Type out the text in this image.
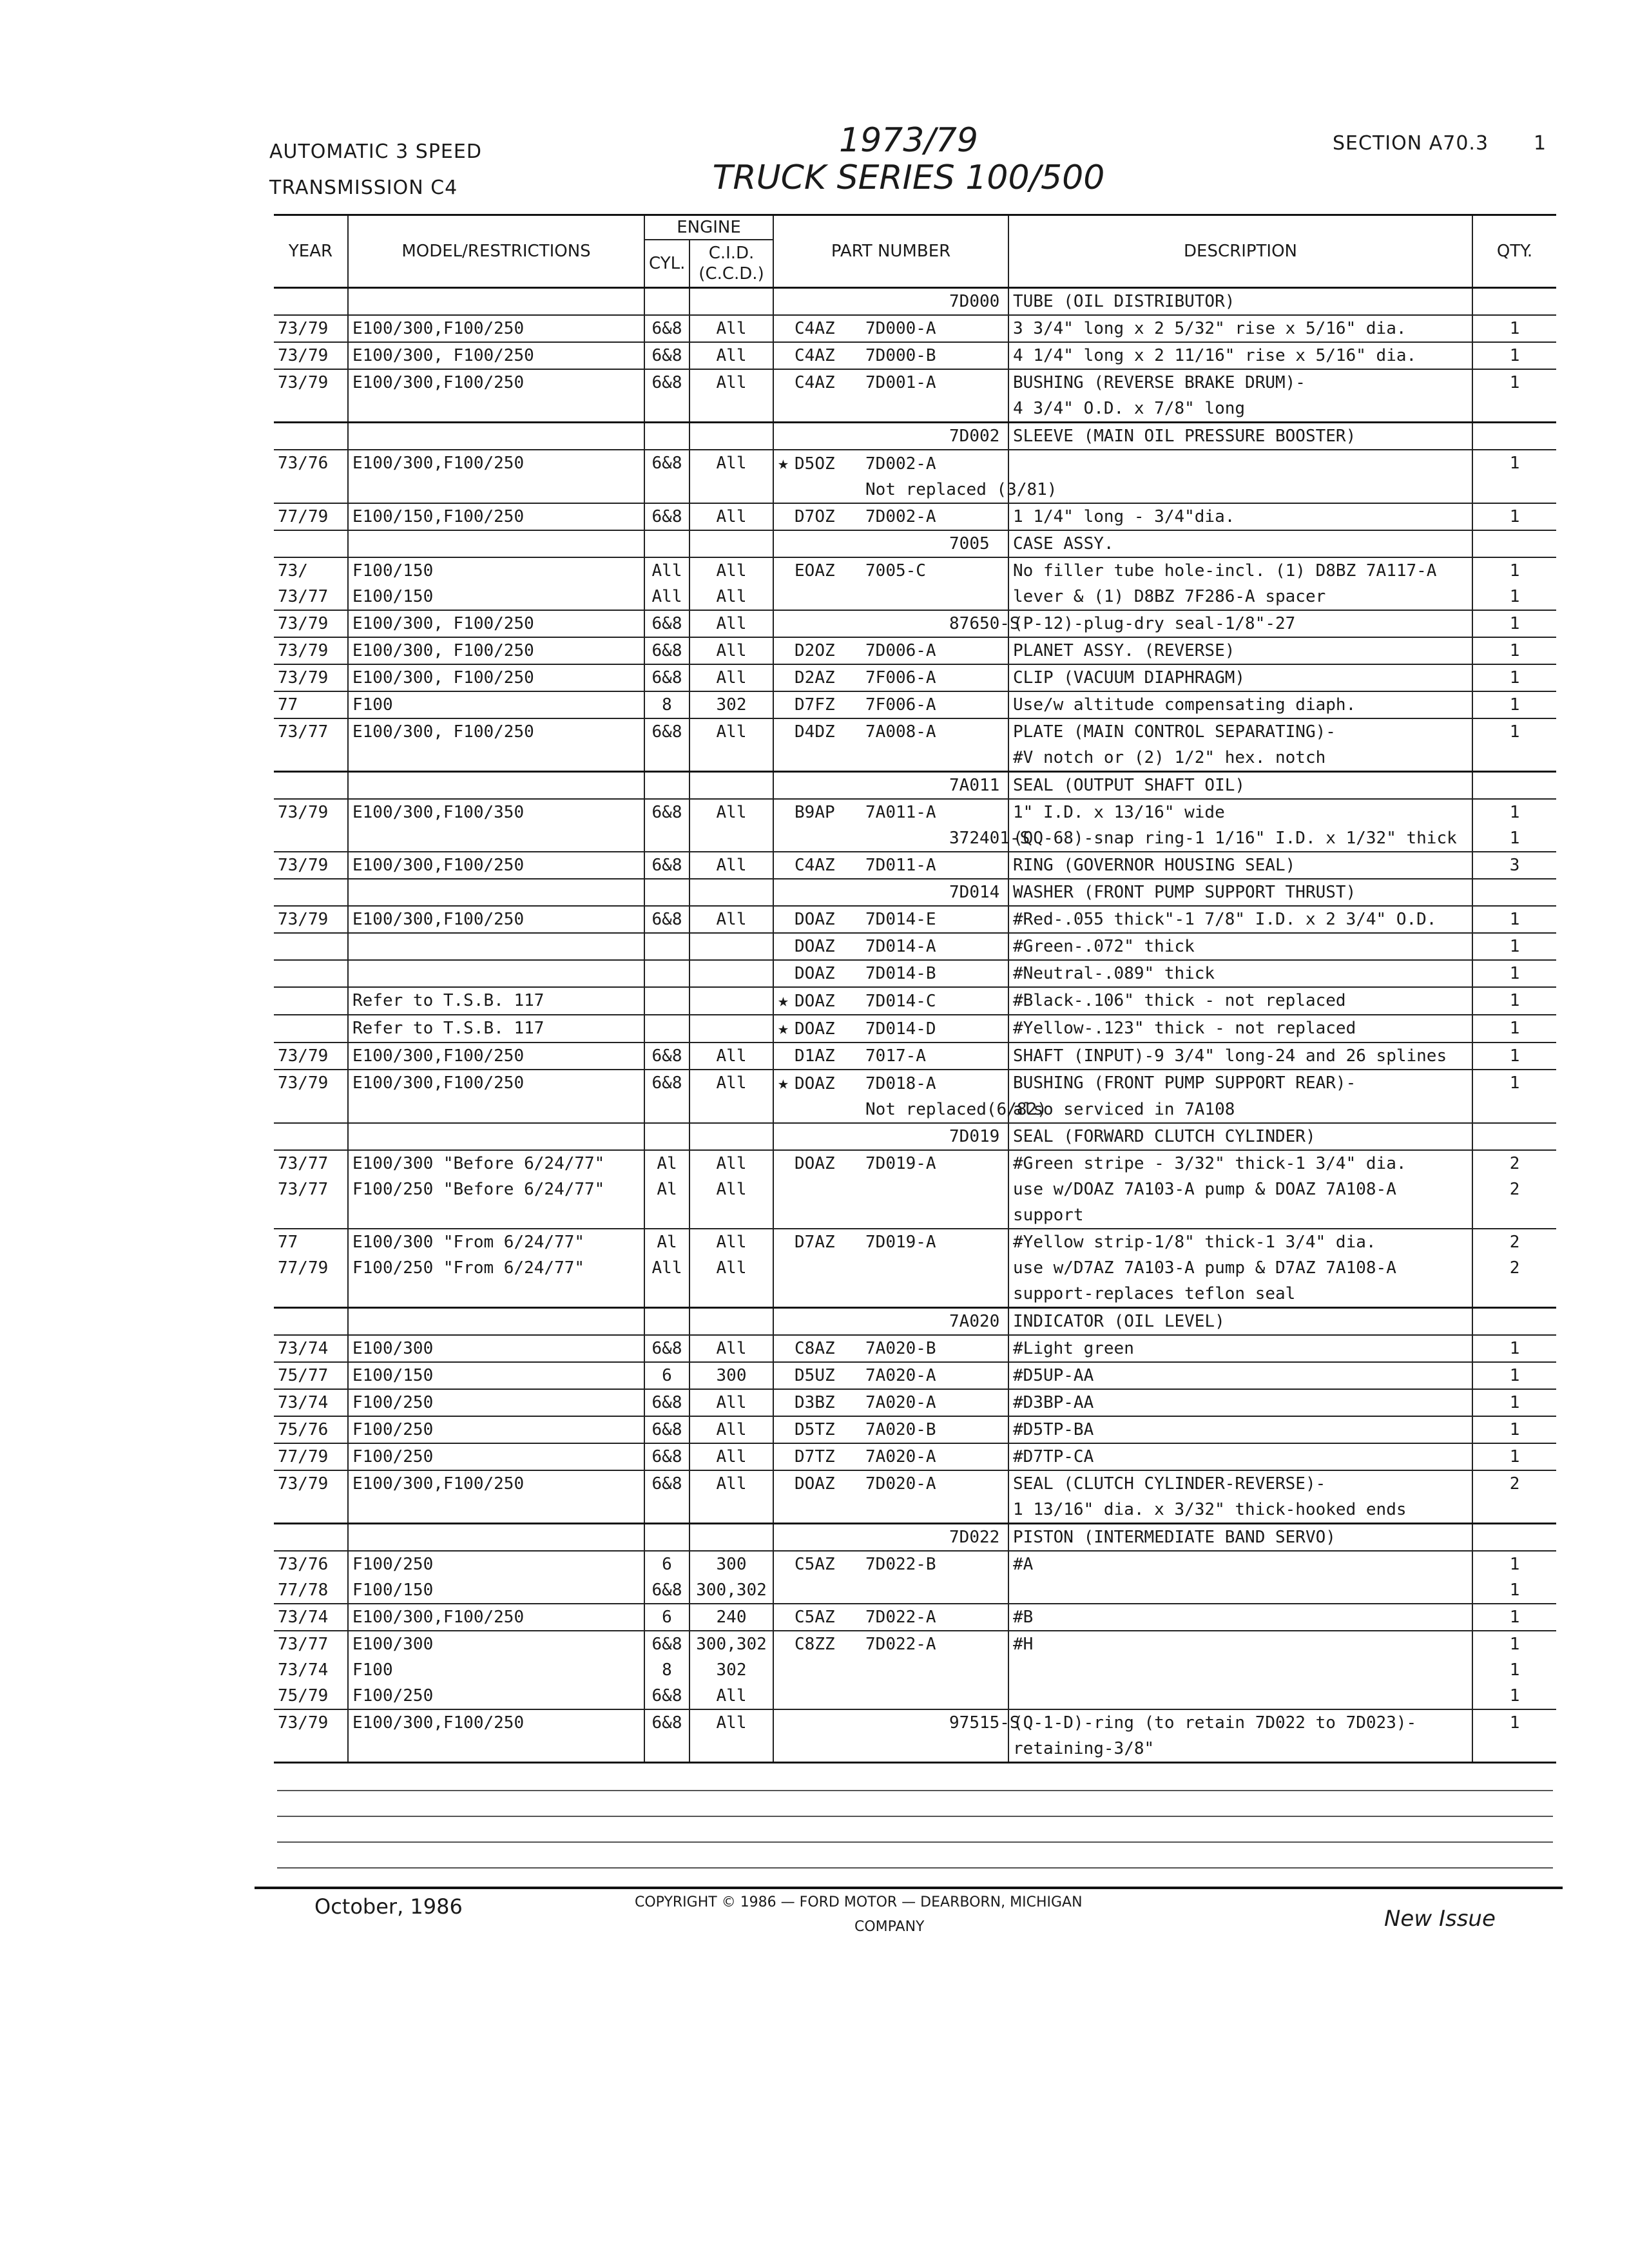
AUTOMATIC 3 SPEED
TRANSMISSION C4
1973/79
TRUCK SERIES 100/500
SECTION A70.3 1
YEAR	MODEL/RESTRICTIONS	ENGINE		PART NUMBER	DESCRIPTION	QTY.
		CYL.	C.I.D.
(C.C.D.)			

				7D000	TUBE (OIL DISTRIBUTOR)	
73/79	E100/300,F100/250	6&8	All	C4AZ 7D000-A	3 3/4" long x 2 5/32" rise x 5/16" dia.	1
73/79	E100/300, F100/250	6&8	All	C4AZ 7D000-B	4 1/4" long x 2 11/16" rise x 5/16" dia.	1
73/79	E100/300,F100/250	6&8	All	C4AZ 7D001-A	BUSHING (REVERSE BRAKE DRUM)-	1
					4 3/4" O.D. x 7/8" long	
				7D002	SLEEVE (MAIN OIL PRESSURE BOOSTER)	
73/76	E100/300,F100/250	6&8	All	★ D5OZ 7D002-A		1
				Not replaced (3/81)		
77/79	E100/150,F100/250	6&8	All	D7OZ 7D002-A	1 1/4" long - 3/4"dia.	1
				7005	CASE ASSY.	
73/	F100/150	All	All	EOAZ 7005-C	No filler tube hole-incl. (1) D8BZ 7A117-A	1
73/77	E100/150	All	All		lever & (1) D8BZ 7F286-A spacer	1
73/79	E100/300, F100/250	6&8	All	87650-S	(P-12)-plug-dry seal-1/8"-27	1
73/79	E100/300, F100/250	6&8	All	D2OZ 7D006-A	PLANET ASSY. (REVERSE)	1
73/79	E100/300, F100/250	6&8	All	D2AZ 7F006-A	CLIP (VACUUM DIAPHRAGM)	1
77	F100	8	302	D7FZ 7F006-A	Use/w altitude compensating diaph.	1
73/77	E100/300, F100/250	6&8	All	D4DZ 7A008-A	PLATE (MAIN CONTROL SEPARATING)-	1
					#V notch or (2) 1/2" hex. notch	
				7A011	SEAL (OUTPUT SHAFT OIL)	
73/79	E100/300,F100/350	6&8	All	B9AP 7A011-A	1" I.D. x 13/16" wide	1
				372401-S	(QQ-68)-snap ring-1 1/16" I.D. x 1/32" thick	1
73/79	E100/300,F100/250	6&8	All	C4AZ 7D011-A	RING (GOVERNOR HOUSING SEAL)	3
				7D014	WASHER (FRONT PUMP SUPPORT THRUST)	
73/79	E100/300,F100/250	6&8	All	DOAZ 7D014-E	#Red-.055 thick"-1 7/8" I.D. x 2 3/4" O.D.	1
				DOAZ 7D014-A	#Green-.072" thick	1
				DOAZ 7D014-B	#Neutral-.089" thick	1
	Refer to T.S.B. 117			★ DOAZ 7D014-C	#Black-.106" thick - not replaced	1
	Refer to T.S.B. 117			★ DOAZ 7D014-D	#Yellow-.123" thick - not replaced	1
73/79	E100/300,F100/250	6&8	All	D1AZ 7017-A	SHAFT (INPUT)-9 3/4" long-24 and 26 splines	1
73/79	E100/300,F100/250	6&8	All	★ DOAZ 7D018-A	BUSHING (FRONT PUMP SUPPORT REAR)-	1
				Not replaced(6/82)	also serviced in 7A108	
				7D019	SEAL (FORWARD CLUTCH CYLINDER)	
73/77	E100/300 "Before 6/24/77"	Al	All	DOAZ 7D019-A	#Green stripe - 3/32" thick-1 3/4" dia.	2
73/77	F100/250 "Before 6/24/77"	Al	All		use w/DOAZ 7A103-A pump & DOAZ 7A108-A	2
					support	
77	E100/300 "From 6/24/77"	Al	All	D7AZ 7D019-A	#Yellow strip-1/8" thick-1 3/4" dia.	2
77/79	F100/250 "From 6/24/77"	All	All		use w/D7AZ 7A103-A pump & D7AZ 7A108-A	2
					support-replaces teflon seal	
				7A020	INDICATOR (OIL LEVEL)	
73/74	E100/300	6&8	All	C8AZ 7A020-B	#Light green	1
75/77	E100/150	6	300	D5UZ 7A020-A	#D5UP-AA	1
73/74	F100/250	6&8	All	D3BZ 7A020-A	#D3BP-AA	1
75/76	F100/250	6&8	All	D5TZ 7A020-B	#D5TP-BA	1
77/79	F100/250	6&8	All	D7TZ 7A020-A	#D7TP-CA	1
73/79	E100/300,F100/250	6&8	All	DOAZ 7D020-A	SEAL (CLUTCH CYLINDER-REVERSE)-	2
					1 13/16" dia. x 3/32" thick-hooked ends	
				7D022	PISTON (INTERMEDIATE BAND SERVO)	
73/76	F100/250	6	300	C5AZ 7D022-B	#A	1
77/78	F100/150	6&8	300,302			1
73/74	E100/300,F100/250	6	240	C5AZ 7D022-A	#B	1
73/77	E100/300	6&8	300,302	C8ZZ 7D022-A	#H	1
73/74	F100	8	302			1
75/79	F100/250	6&8	All			1
73/79	E100/300,F100/250	6&8	All	97515-S	(Q-1-D)-ring (to retain 7D022 to 7D023)-	1
					retaining-3/8"	
October, 1986	COPYRIGHT © 1986 — FORD MOTOR — DEARBORN, MICHIGAN
COMPANY	New Issue
